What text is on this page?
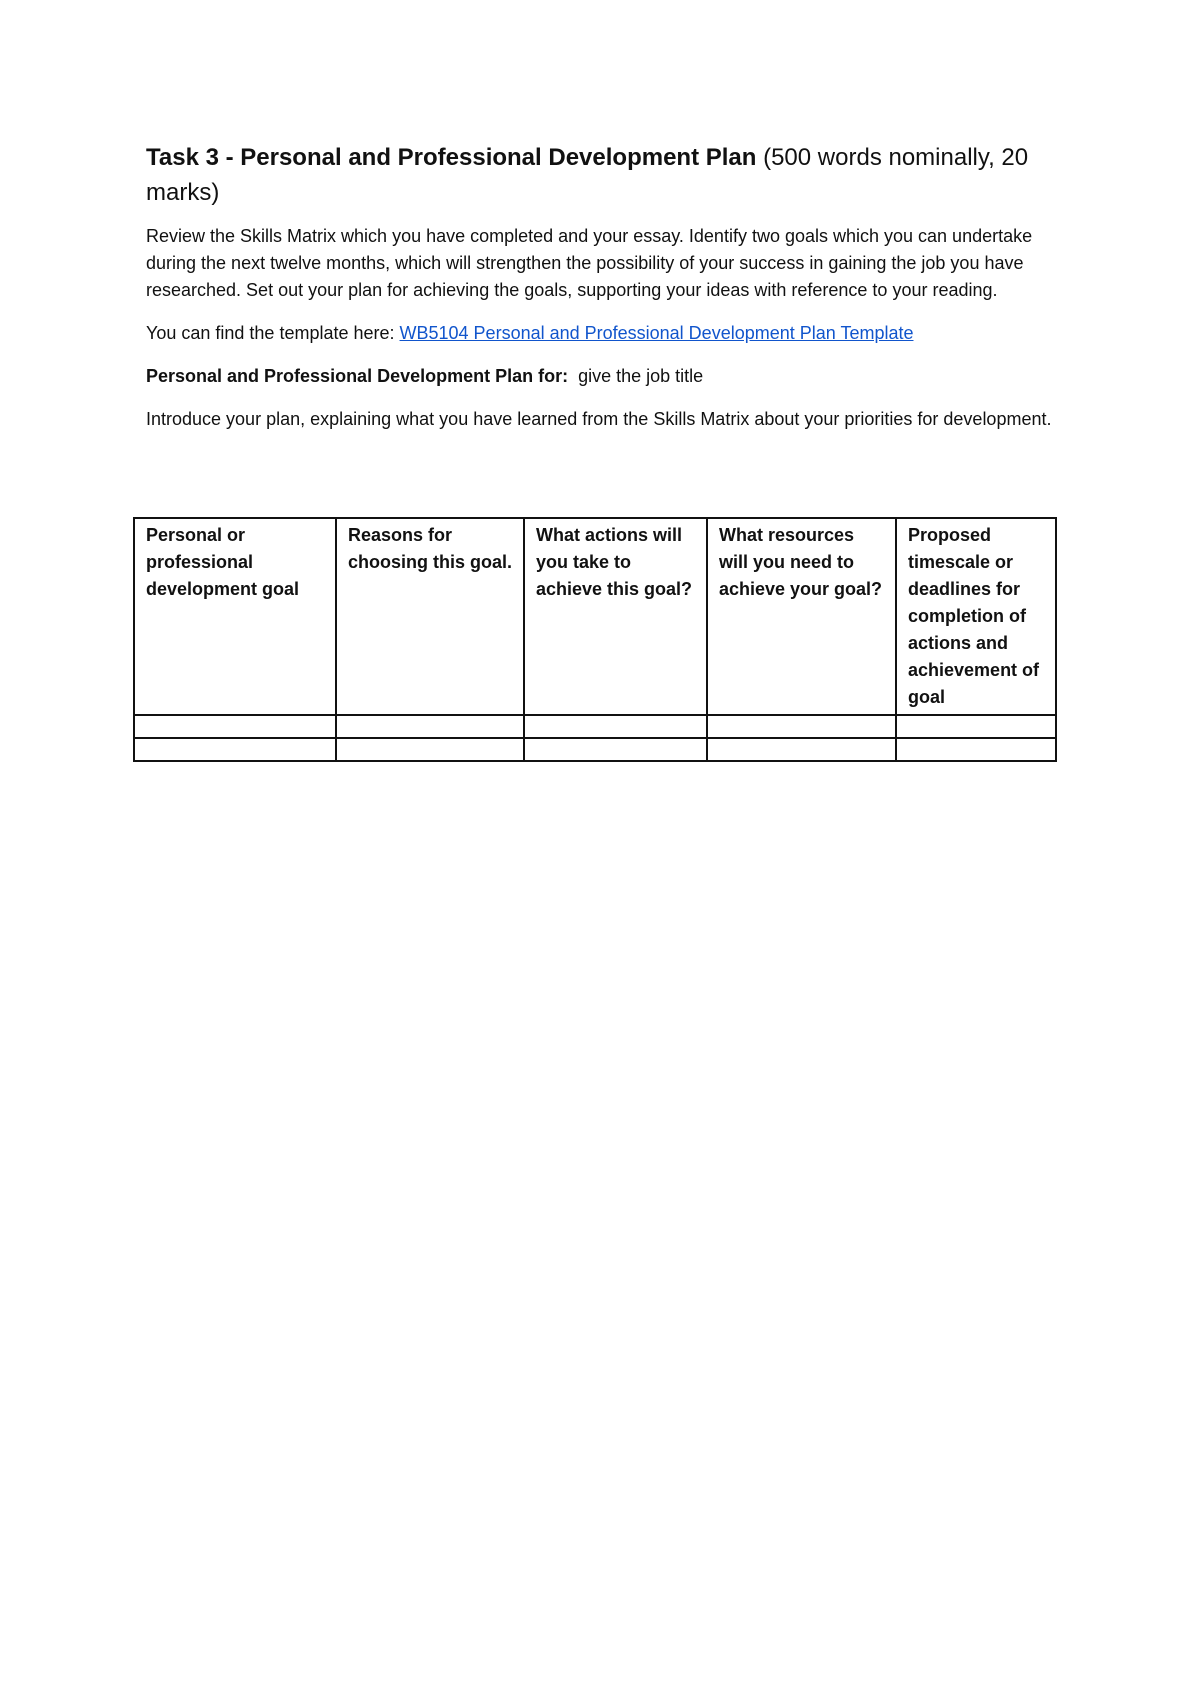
Task 3 - Personal and Professional Development Plan (500 words nominally, 20 marks)

Review the Skills Matrix which you have completed and your essay. Identify two goals which you can undertake during the next twelve months, which will strengthen the possibility of your success in gaining the job you have researched. Set out your plan for achieving the goals, supporting your ideas with reference to your reading.

You can find the template here: WB5104 Personal and Professional Development Plan Template

Personal and Professional Development Plan for:  give the job title

Introduce your plan, explaining what you have learned from the Skills Matrix about your priorities for development.

Personal or professional development goal	Reasons for choosing this goal.	What actions will you take to achieve this goal?	What resources will you need to achieve your goal?	Proposed timescale or deadlines for completion of actions and achievement of goal
